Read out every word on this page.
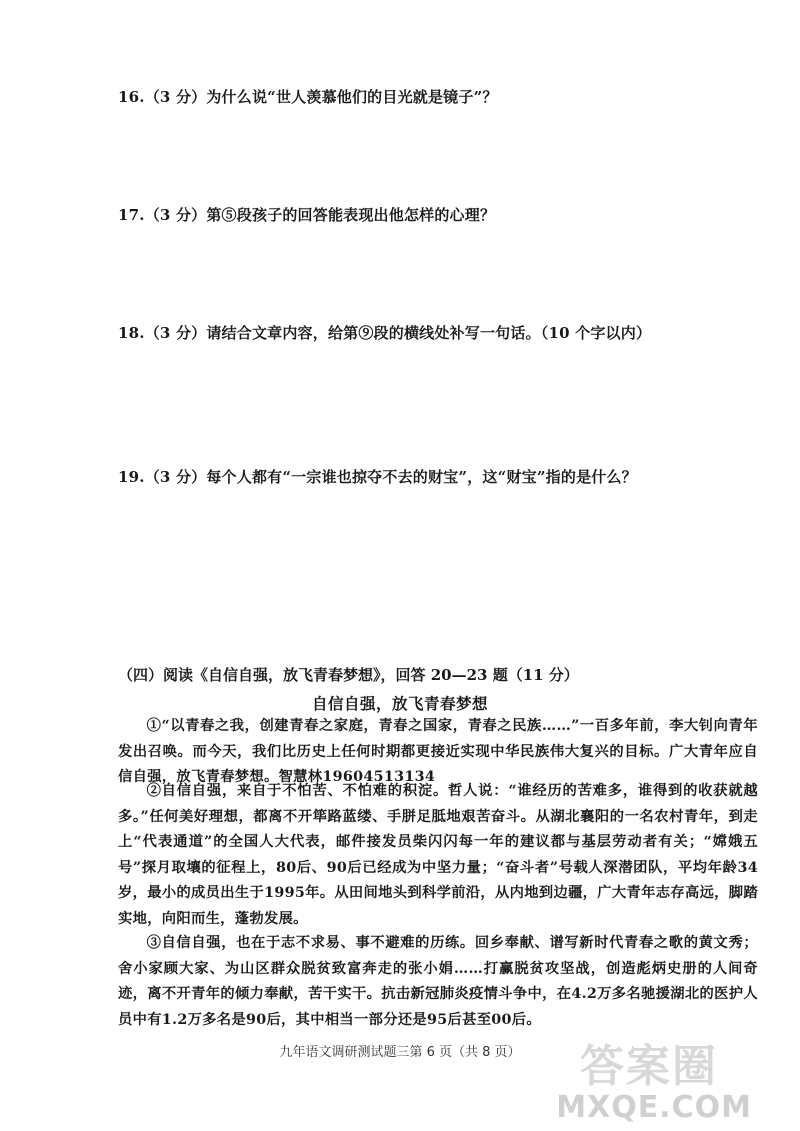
16.（3 分）为什么说“世人羡慕他们的目光就是镜子”？
17.（3 分）第⑤段孩子的回答能表现出他怎样的心理？
18.（3 分）请结合文章内容，给第⑨段的横线处补写一句话。（10 个字以内）
19.（3 分）每个人都有“一宗谁也掠夺不去的财宝”，这“财宝”指的是什么？
（四）阅读《自信自强，放飞青春梦想》，回答 20—23 题（11 分）
自信自强，放飞青春梦想
①“以青春之我，创建青春之家庭，青春之国家，青春之民族……”一百多年前，李大钊向青年发出召唤。而今天，我们比历史上任何时期都更接近实现中华民族伟大复兴的目标。广大青年应自信自强，放飞青春梦想。智慧林19604513134
②自信自强，来自于不怕苦、不怕难的积淀。哲人说：“谁经历的苦难多，谁得到的收获就越多。”任何美好理想，都离不开筚路蓝缕、手胼足胝地艰苦奋斗。从湖北襄阳的一名农村青年，到走上“代表通道”的全国人大代表，邮件接发员柴闪闪每一年的建议都与基层劳动者有关；“嫦娥五号”探月取壤的征程上，80后、90后已经成为中坚力量；“奋斗者”号载人深潜团队，平均年龄34岁，最小的成员出生于1995年。从田间地头到科学前沿，从内地到边疆，广大青年志存高远，脚踏实地，向阳而生，蓬勃发展。
③自信自强，也在于志不求易、事不避难的历练。回乡奉献、谱写新时代青春之歌的黄文秀；舍小家顾大家、为山区群众脱贫致富奔走的张小娟……打赢脱贫攻坚战，创造彪炳史册的人间奇迹，离不开青年的倾力奉献，苦干实干。抗击新冠肺炎疫情斗争中，在4.2万多名驰援湖北的医护人员中有1.2万多名是90后，其中相当一部分还是95后甚至00后。
九年语文调研测试题三第 6 页（共 8 页）	答案圈
MXQE.COM
